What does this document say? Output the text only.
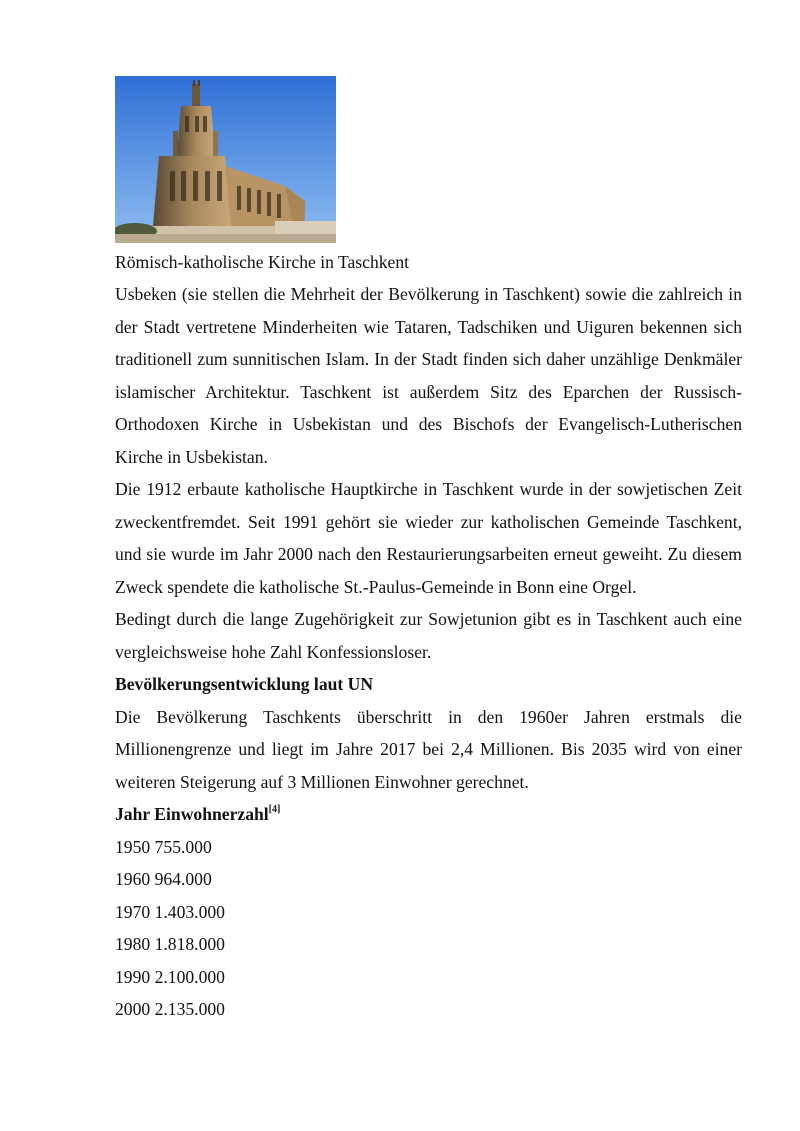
Römisch-katholische Kirche in Taschkent

Usbeken (sie stellen die Mehrheit der Bevölkerung in Taschkent) sowie die zahlreich in der Stadt vertretene Minderheiten wie Tataren, Tadschiken und Uiguren bekennen sich traditionell zum sunnitischen Islam. In der Stadt finden sich daher unzählige Denkmäler islamischer Architektur. Taschkent ist außerdem Sitz des Eparchen der Russisch-Orthodoxen Kirche in Usbekistan und des Bischofs der Evangelisch-Lutherischen Kirche in Usbekistan.

Die 1912 erbaute katholische Hauptkirche in Taschkent wurde in der sowjetischen Zeit zweckentfremdet. Seit 1991 gehört sie wieder zur katholischen Gemeinde Taschkent, und sie wurde im Jahr 2000 nach den Restaurierungsarbeiten erneut geweiht. Zu diesem Zweck spendete die katholische St.-Paulus-Gemeinde in Bonn eine Orgel.

Bedingt durch die lange Zugehörigkeit zur Sowjetunion gibt es in Taschkent auch eine vergleichsweise hohe Zahl Konfessionsloser.

Bevölkerungsentwicklung laut UN

Die Bevölkerung Taschkents überschritt in den 1960er Jahren erstmals die Millionengrenze und liegt im Jahre 2017 bei 2,4 Millionen. Bis 2035 wird von einer weiteren Steigerung auf 3 Millionen Einwohner gerechnet.

Jahr Einwohnerzahl[4]
1950 755.000
1960 964.000
1970 1.403.000
1980 1.818.000
1990 2.100.000
2000 2.135.000
